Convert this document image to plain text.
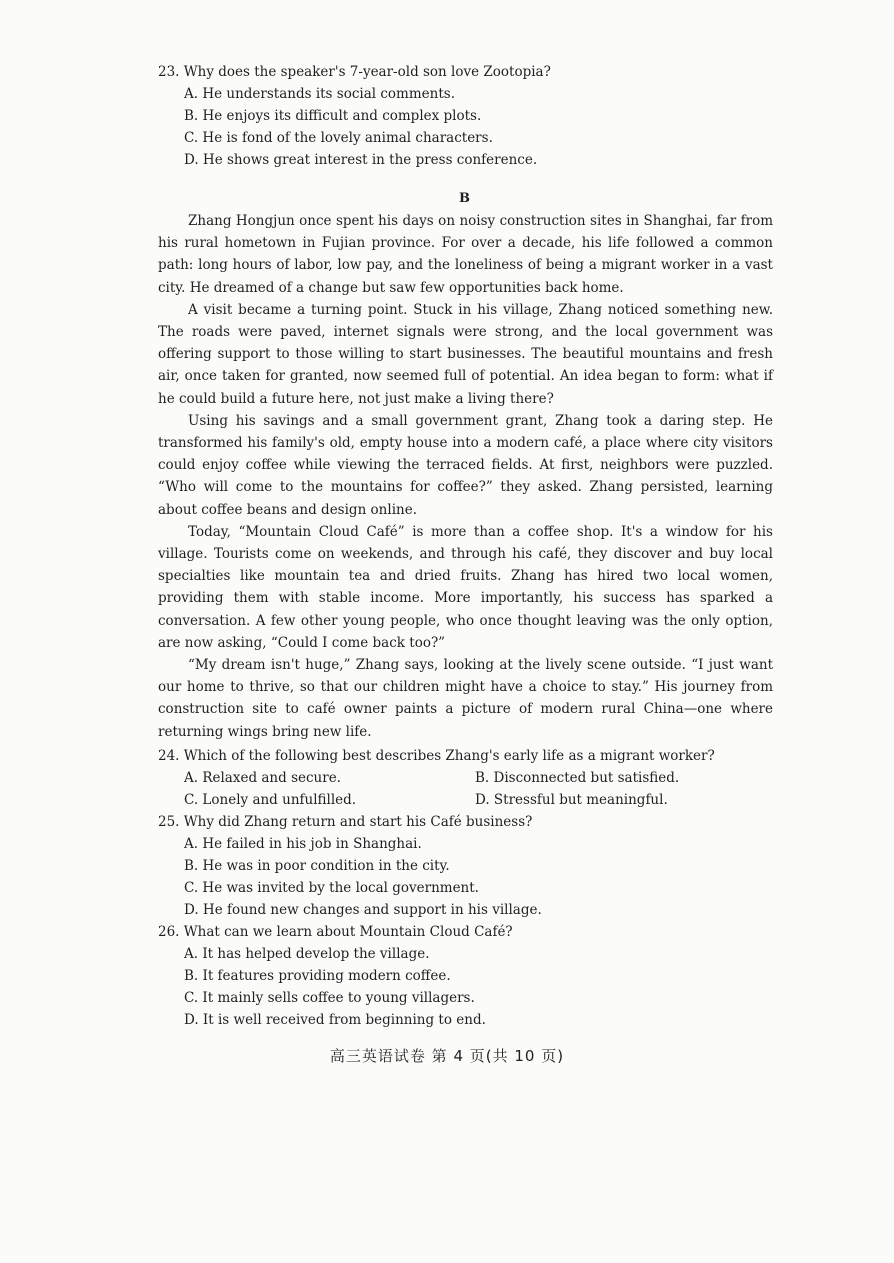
23. Why does the speaker's 7-year-old son love Zootopia?
A. He understands its social comments.
B. He enjoys its difficult and complex plots.
C. He is fond of the lovely animal characters.
D. He shows great interest in the press conference.
B

Zhang Hongjun once spent his days on noisy construction sites in Shanghai, far from his rural hometown in Fujian province. For over a decade, his life followed a common path: long hours of labor, low pay, and the loneliness of being a migrant worker in a vast city. He dreamed of a change but saw few opportunities back home.

A visit became a turning point. Stuck in his village, Zhang noticed something new. The roads were paved, internet signals were strong, and the local government was offering support to those willing to start businesses. The beautiful mountains and fresh air, once taken for granted, now seemed full of potential. An idea began to form: what if he could build a future here, not just make a living there?

Using his savings and a small government grant, Zhang took a daring step. He transformed his family's old, empty house into a modern café, a place where city visitors could enjoy coffee while viewing the terraced fields. At first, neighbors were puzzled. “Who will come to the mountains for coffee?” they asked. Zhang persisted, learning about coffee beans and design online.

Today, “Mountain Cloud Café” is more than a coffee shop. It's a window for his village. Tourists come on weekends, and through his café, they discover and buy local specialties like mountain tea and dried fruits. Zhang has hired two local women, providing them with stable income. More importantly, his success has sparked a conversation. A few other young people, who once thought leaving was the only option, are now asking, “Could I come back too?”

“My dream isn't huge,” Zhang says, looking at the lively scene outside. “I just want our home to thrive, so that our children might have a choice to stay.” His journey from construction site to café owner paints a picture of modern rural China—one where returning wings bring new life.

24. Which of the following best describes Zhang's early life as a migrant worker?
A. Relaxed and secure.	B. Disconnected but satisfied.
C. Lonely and unfulfilled.	D. Stressful but meaningful.
25. Why did Zhang return and start his Café business?
A. He failed in his job in Shanghai.
B. He was in poor condition in the city.
C. He was invited by the local government.
D. He found new changes and support in his village.
26. What can we learn about Mountain Cloud Café?
A. It has helped develop the village.
B. It features providing modern coffee.
C. It mainly sells coffee to young villagers.
D. It is well received from beginning to end.
高三英语试卷 第 4 页(共 10 页)
